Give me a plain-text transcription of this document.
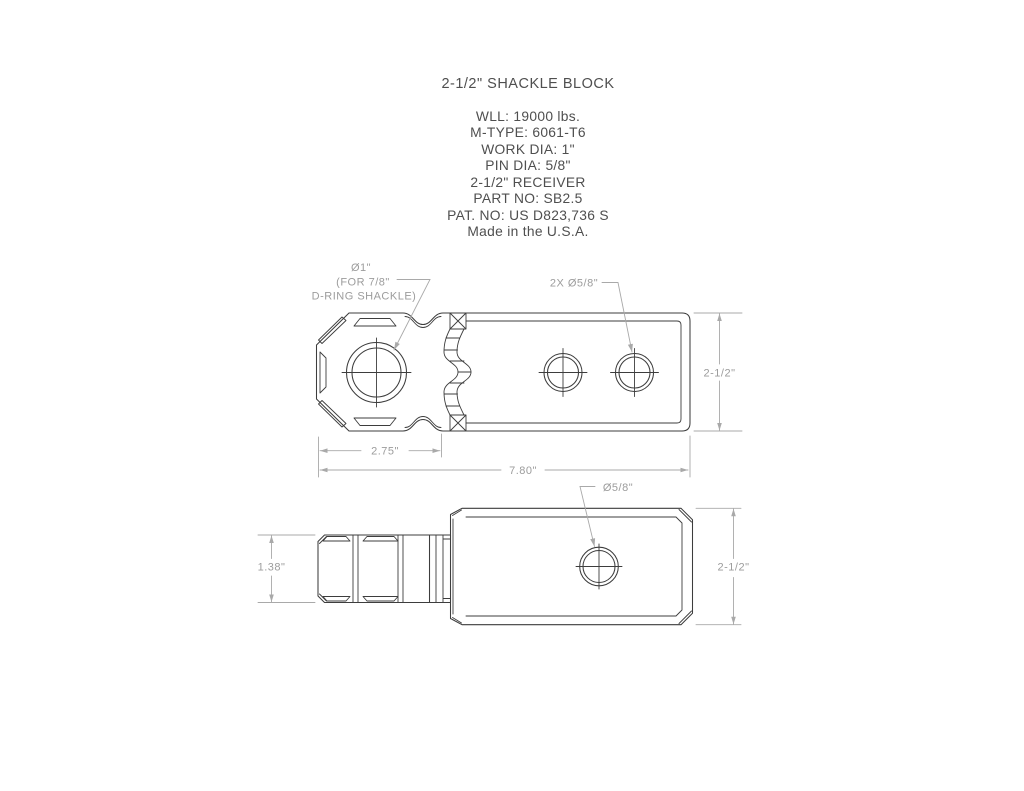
2-1/2" SHACKLE BLOCK
WLL: 19000 lbs.
M-TYPE: 6061-T6
WORK DIA: 1"
PIN DIA: 5/8"
2-1/2" RECEIVER
PART NO: SB2.5
PAT. NO: US D823,736 S
Made in the U.S.A.
2-1/2"
2.75"
7.80"
1.38"	2-1/2"
Ø1"
(FOR 7/8"
D-RING SHACKLE)
2X Ø5/8"
Ø5/8"
